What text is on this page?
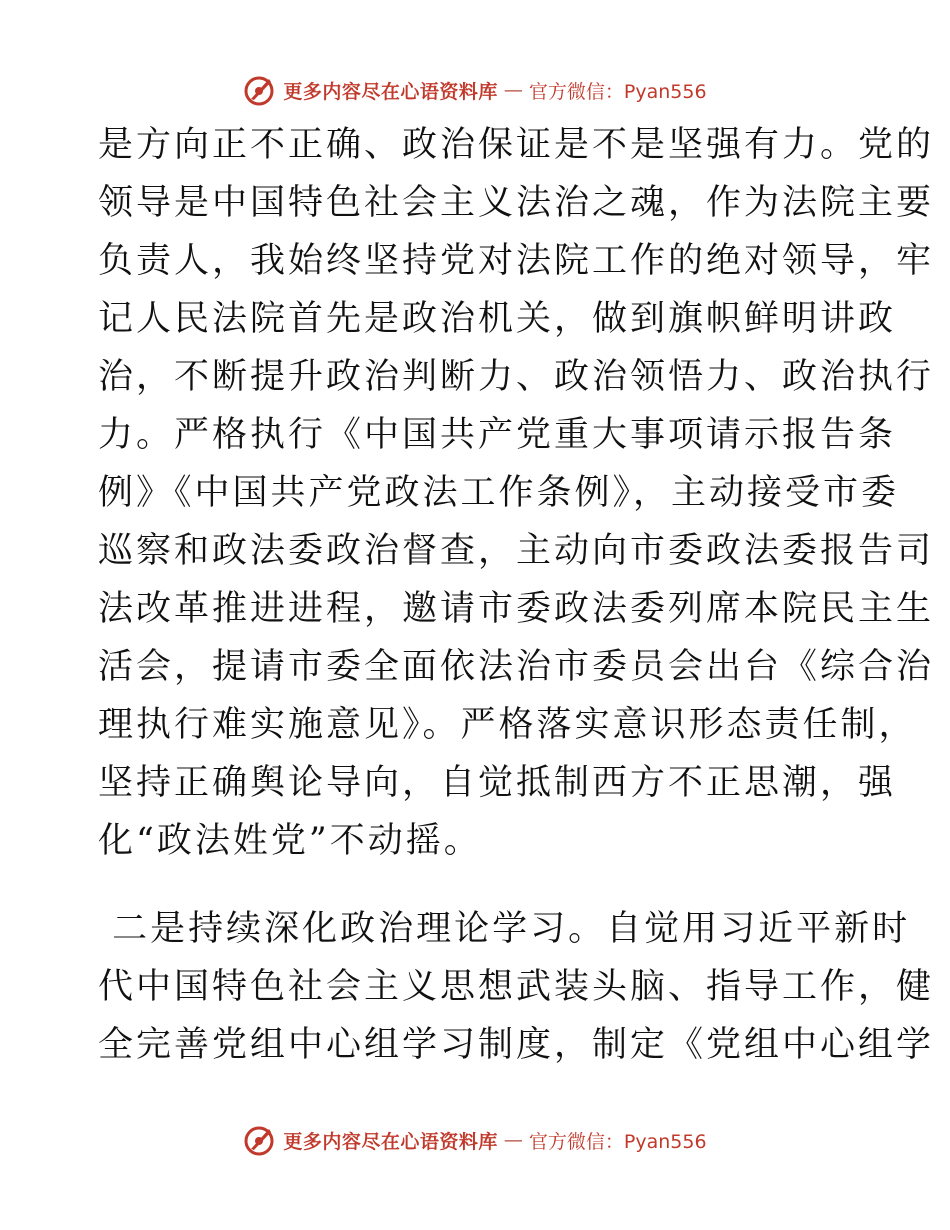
更多内容尽在心语资料库 — 官方微信：Pyan556
是方向正不正确、政治保证是不是坚强有力。党的
领导是中国特色社会主义法治之魂，作为法院主要
负责人，我始终坚持党对法院工作的绝对领导，牢
记人民法院首先是政治机关，做到旗帜鲜明讲政
治，不断提升政治判断力、政治领悟力、政治执行
力。严格执行《中国共产党重大事项请示报告条
例》《中国共产党政法工作条例》，主动接受市委
巡察和政法委政治督查，主动向市委政法委报告司
法改革推进进程，邀请市委政法委列席本院民主生
活会，提请市委全面依法治市委员会出台《综合治
理执行难实施意见》。严格落实意识形态责任制，
坚持正确舆论导向，自觉抵制西方不正思潮，强
化“政法姓党”不动摇。
二是持续深化政治理论学习。自觉用习近平新时
代中国特色社会主义思想武装头脑、指导工作，健
全完善党组中心组学习制度，制定《党组中心组学
更多内容尽在心语资料库 — 官方微信：Pyan556
